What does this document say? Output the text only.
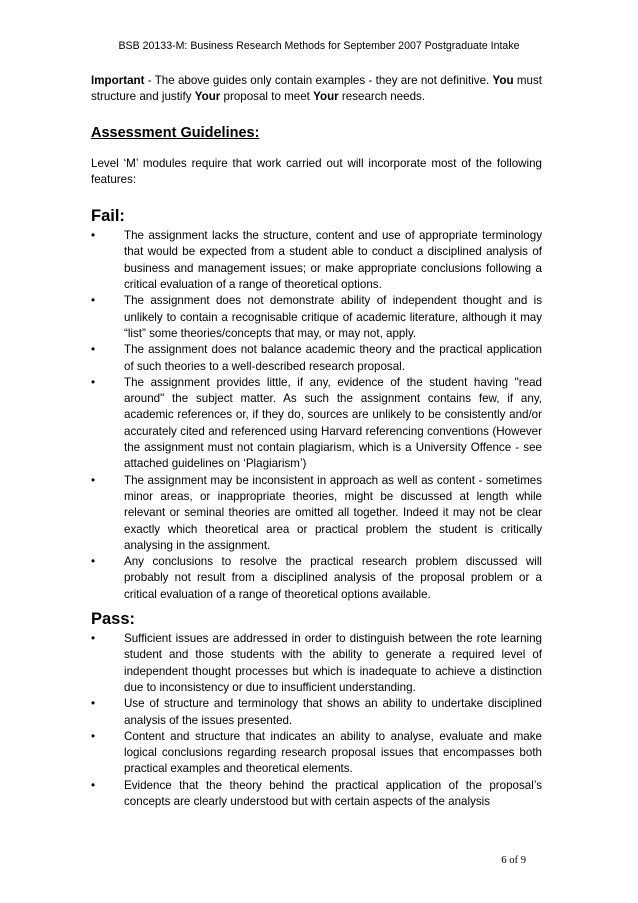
BSB 20133-M: Business Research Methods for September 2007 Postgraduate Intake

Important - The above guides only contain examples - they are not definitive. You must structure and justify Your proposal to meet Your research needs.

Assessment Guidelines:

Level ‘M’ modules require that work carried out will incorporate most of the following features:

Fail:
•	The assignment lacks the structure, content and use of appropriate terminology that would be expected from a student able to conduct a disciplined analysis of business and management issues; or make appropriate conclusions following a critical evaluation of a range of theoretical options.
•	The assignment does not demonstrate ability of independent thought and is unlikely to contain a recognisable critique of academic literature, although it may “list” some theories/concepts that may, or may not, apply.
•	The assignment does not balance academic theory and the practical application of such theories to a well-described research proposal.
•	The assignment provides little, if any, evidence of the student having "read around" the subject matter. As such the assignment contains few, if any, academic references or, if they do, sources are unlikely to be consistently and/or accurately cited and referenced using Harvard referencing conventions (However the assignment must not contain plagiarism, which is a University Offence - see attached guidelines on ‘Plagiarism’)
•	The assignment may be inconsistent in approach as well as content - sometimes minor areas, or inappropriate theories, might be discussed at length while relevant or seminal theories are omitted all together. Indeed it may not be clear exactly which theoretical area or practical problem the student is critically analysing in the assignment.
•	Any conclusions to resolve the practical research problem discussed will probably not result from a disciplined analysis of the proposal problem or a critical evaluation of a range of theoretical options available.
Pass:
•	Sufficient issues are addressed in order to distinguish between the rote learning student and those students with the ability to generate a required level of independent thought processes but which is inadequate to achieve a distinction due to inconsistency or due to insufficient understanding.
•	Use of structure and terminology that shows an ability to undertake disciplined analysis of the issues presented.
•	Content and structure that indicates an ability to analyse, evaluate and make logical conclusions regarding research proposal issues that encompasses both practical examples and theoretical elements.
•	Evidence that the theory behind the practical application of the proposal’s concepts are clearly understood but with certain aspects of the analysis
6 of 9
